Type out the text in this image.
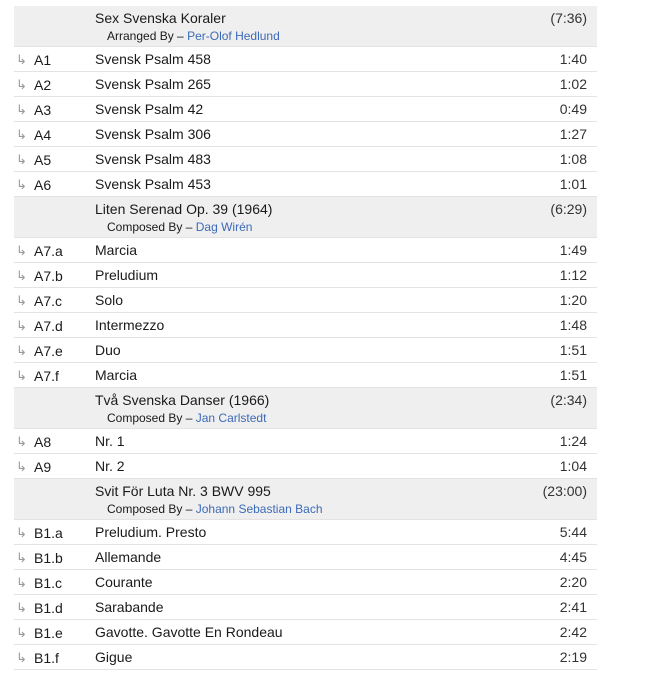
Sex Svenska Koraler
Arranged By – Per-Olof Hedlund
(7:36)
↳ A1	Svensk Psalm 458	1:40
↳ A2	Svensk Psalm 265	1:02
↳ A3	Svensk Psalm 42	0:49
↳ A4	Svensk Psalm 306	1:27
↳ A5	Svensk Psalm 483	1:08
↳ A6	Svensk Psalm 453	1:01
Liten Serenad Op. 39 (1964)
Composed By – Dag Wirén
(6:29)
↳ A7.a Marcia	1:49
↳ A7.b Preludium	1:12
↳ A7.c Solo	1:20
↳ A7.d Intermezzo	1:48
↳ A7.e Duo	1:51
↳ A7.f	Marcia	1:51
Två Svenska Danser (1966)
Composed By – Jan Carlstedt
(2:34)
↳ A8	Nr. 1	1:24
↳ A9	Nr. 2	1:04
Svit För Luta Nr. 3 BWV 995
Composed By – Johann Sebastian Bach
(23:00)
↳ B1.a Preludium. Presto	5:44
↳ B1.b Allemande	4:45
↳ B1.c Courante	2:20
↳ B1.d Sarabande	2:41
↳ B1.e Gavotte. Gavotte En Rondeau	2:42
↳ B1.f	Gigue	2:19
